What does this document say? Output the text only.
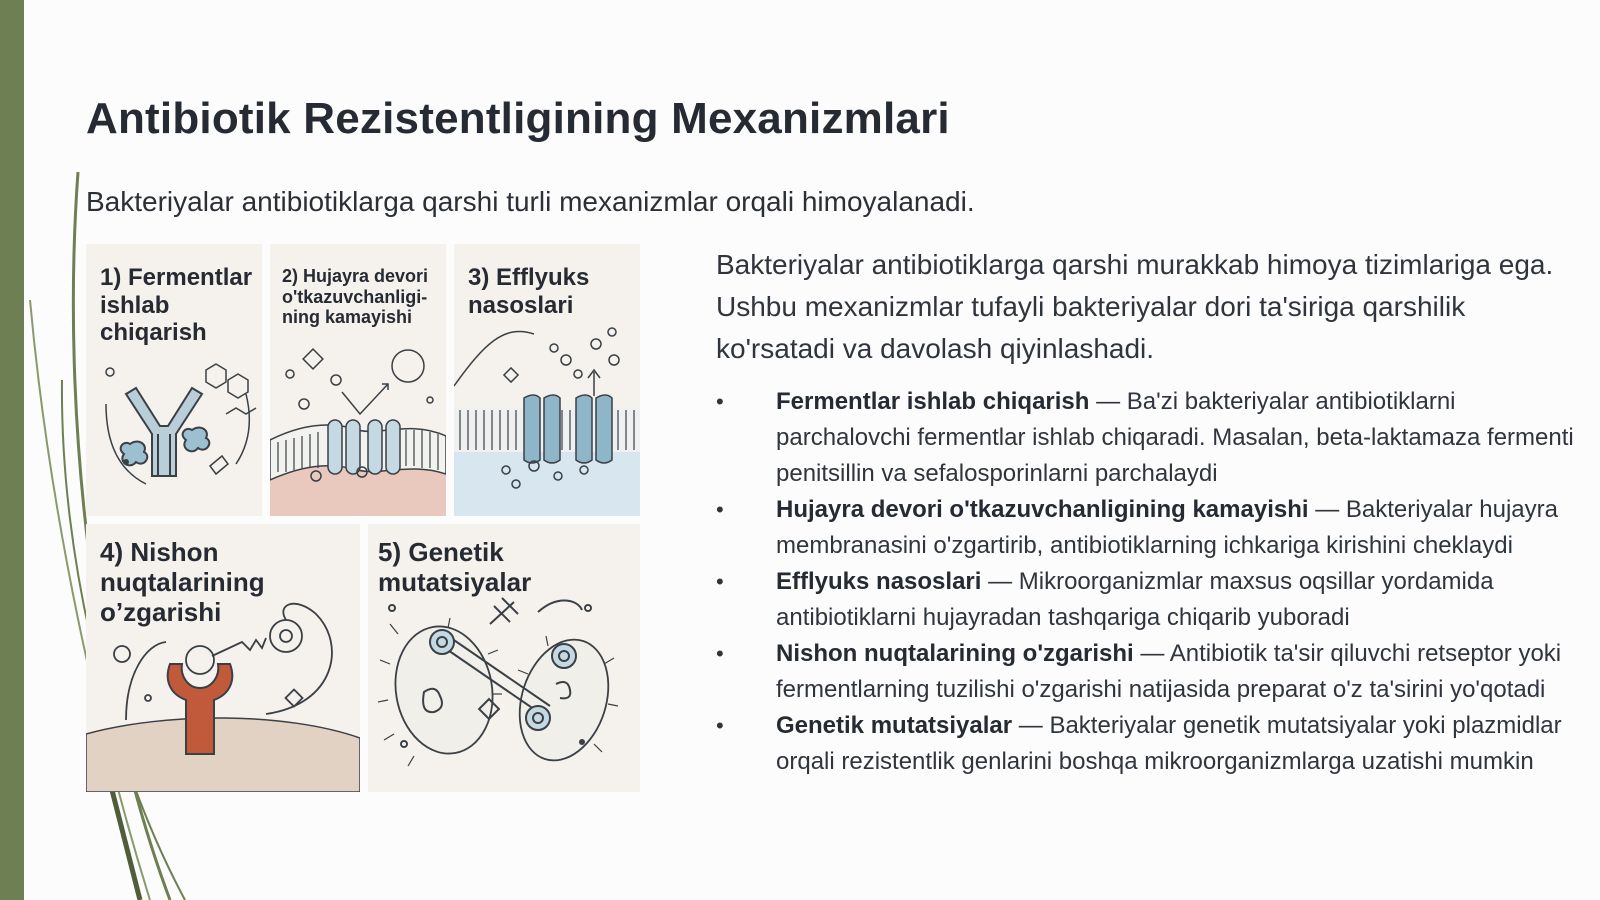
Antibiotik Rezistentligining Mexanizmlari
Bakteriyalar antibiotiklarga qarshi turli mexanizmlar orqali himoyalanadi.
1) Fermentlar
ishlab
chiqarish
2) Hujayra devori
o'tkazuvchanligi-
ning kamayishi
3) Efflyuks
nasoslari
4) Nishon
nuqtalarining
o’zgarishi
5) Genetik
mutatsiyalar
Bakteriyalar antibiotiklarga qarshi murakkab himoya tizimlariga ega. Ushbu mexanizmlar tufayli bakteriyalar dori ta'siriga qarshilik ko'rsatadi va davolash qiyinlashadi.
• Fermentlar ishlab chiqarish — Ba'zi bakteriyalar antibiotiklarni parchalovchi fermentlar ishlab chiqaradi. Masalan, beta-laktamaza fermenti penitsillin va sefalosporinlarni parchalaydi
• Hujayra devori o'tkazuvchanligining kamayishi — Bakteriyalar hujayra membranasini o'zgartirib, antibiotiklarning ichkariga kirishini cheklaydi
• Efflyuks nasoslari — Mikroorganizmlar maxsus oqsillar yordamida antibiotiklarni hujayradan tashqariga chiqarib yuboradi
• Nishon nuqtalarining o'zgarishi — Antibiotik ta'sir qiluvchi retseptor yoki fermentlarning tuzilishi o'zgarishi natijasida preparat o'z ta'sirini yo'qotadi
• Genetik mutatsiyalar — Bakteriyalar genetik mutatsiyalar yoki plazmidlar orqali rezistentlik genlarini boshqa mikroorganizmlarga uzatishi mumkin
